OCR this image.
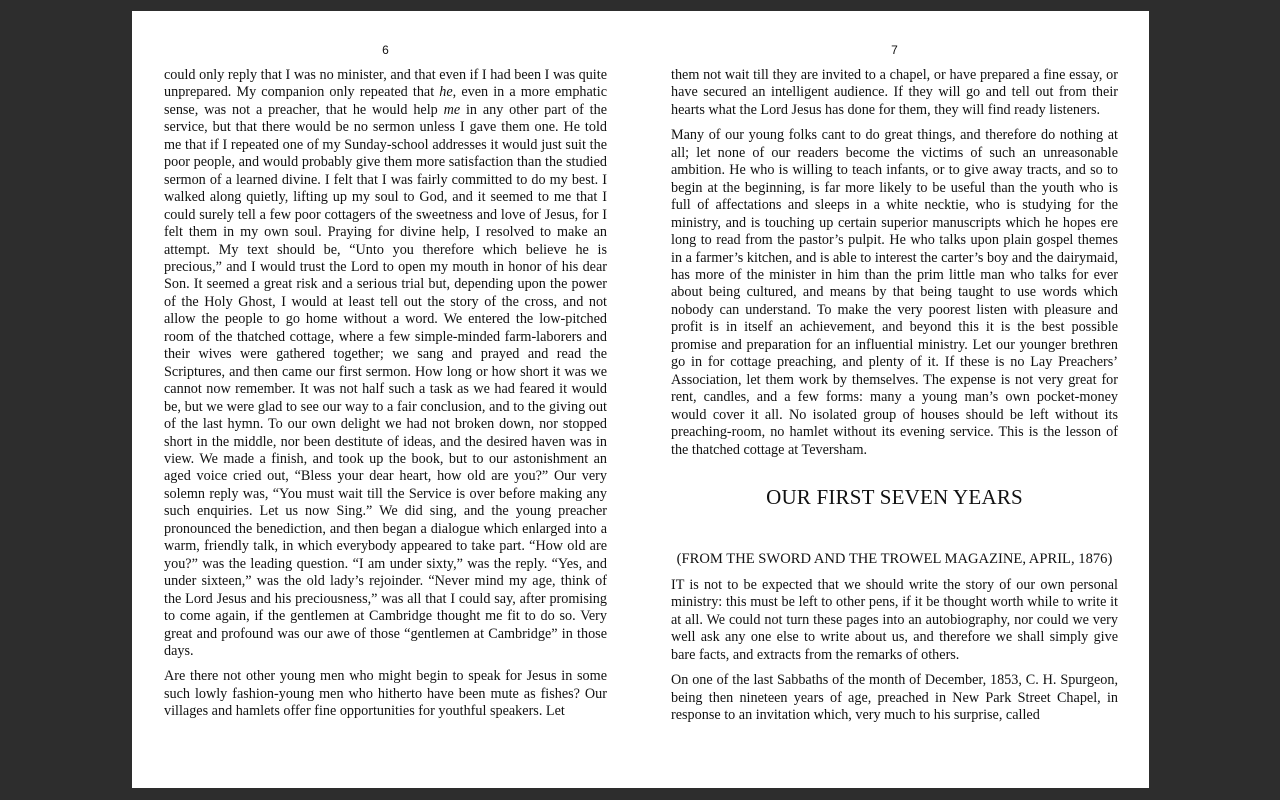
6

could only reply that I was no minister, and that even if I had been I was quite unprepared. My companion only repeated that he, even in a more emphatic sense, was not a preacher, that he would help me in any other part of the service, but that there would be no sermon unless I gave them one. He told me that if I repeated one of my Sunday-school addresses it would just suit the poor people, and would probably give them more satisfaction than the studied sermon of a learned divine. I felt that I was fairly committed to do my best. I walked along quietly, lifting up my soul to God, and it seemed to me that I could surely tell a few poor cottagers of the sweetness and love of Jesus, for I felt them in my own soul. Praying for divine help, I resolved to make an attempt. My text should be, “Unto you therefore which believe he is precious,” and I would trust the Lord to open my mouth in honor of his dear Son. It seemed a great risk and a serious trial but, depending upon the power of the Holy Ghost, I would at least tell out the story of the cross, and not allow the people to go home without a word. We entered the low-pitched room of the thatched cottage, where a few simple-minded farm-laborers and their wives were gathered together; we sang and prayed and read the Scriptures, and then came our first sermon. How long or how short it was we cannot now remember. It was not half such a task as we had feared it would be, but we were glad to see our way to a fair conclusion, and to the giving out of the last hymn. To our own delight we had not broken down, nor stopped short in the middle, nor been destitute of ideas, and the desired haven was in view. We made a finish, and took up the book, but to our astonishment an aged voice cried out, “Bless your dear heart, how old are you?” Our very solemn reply was, “You must wait till the Service is over before making any such enquiries. Let us now Sing.” We did sing, and the young preacher pronounced the benediction, and then began a dialogue which enlarged into a warm, friendly talk, in which everybody appeared to take part. “How old are you?” was the leading question. “I am under sixty,” was the reply. “Yes, and under sixteen,” was the old lady’s rejoinder. “Never mind my age, think of the Lord Jesus and his preciousness,” was all that I could say, after promising to come again, if the gentlemen at Cambridge thought me fit to do so. Very great and profound was our awe of those “gentlemen at Cambridge” in those days.

Are there not other young men who might begin to speak for Jesus in some such lowly fashion-young men who hitherto have been mute as fishes? Our villages and hamlets offer fine opportunities for youthful speakers. Let

7

them not wait till they are invited to a chapel, or have prepared a fine essay, or have secured an intelligent audience. If they will go and tell out from their hearts what the Lord Jesus has done for them, they will find ready listeners.

Many of our young folks cant to do great things, and therefore do nothing at all; let none of our readers become the victims of such an unreasonable ambition. He who is willing to teach infants, or to give away tracts, and so to begin at the beginning, is far more likely to be useful than the youth who is full of affectations and sleeps in a white necktie, who is studying for the ministry, and is touching up certain superior manuscripts which he hopes ere long to read from the pastor’s pulpit. He who talks upon plain gospel themes in a farmer’s kitchen, and is able to interest the carter’s boy and the dairymaid, has more of the minister in him than the prim little man who talks for ever about being cultured, and means by that being taught to use words which nobody can understand. To make the very poorest listen with pleasure and profit is in itself an achievement, and beyond this it is the best possible promise and preparation for an influential ministry. Let our younger brethren go in for cottage preaching, and plenty of it. If these is no Lay Preachers’ Association, let them work by themselves. The expense is not very great for rent, candles, and a few forms: many a young man’s own pocket-money would cover it all. No isolated group of houses should be left without its preaching-room, no hamlet without its evening service. This is the lesson of the thatched cottage at Teversham.

OUR FIRST SEVEN YEARS
(FROM THE SWORD AND THE TROWEL MAGAZINE, APRIL, 1876)

IT is not to be expected that we should write the story of our own personal ministry: this must be left to other pens, if it be thought worth while to write it at all. We could not turn these pages into an autobiography, nor could we very well ask any one else to write about us, and therefore we shall simply give bare facts, and extracts from the remarks of others.

On one of the last Sabbaths of the month of December, 1853, C. H. Spurgeon, being then nineteen years of age, preached in New Park Street Chapel, in response to an invitation which, very much to his surprise, called
